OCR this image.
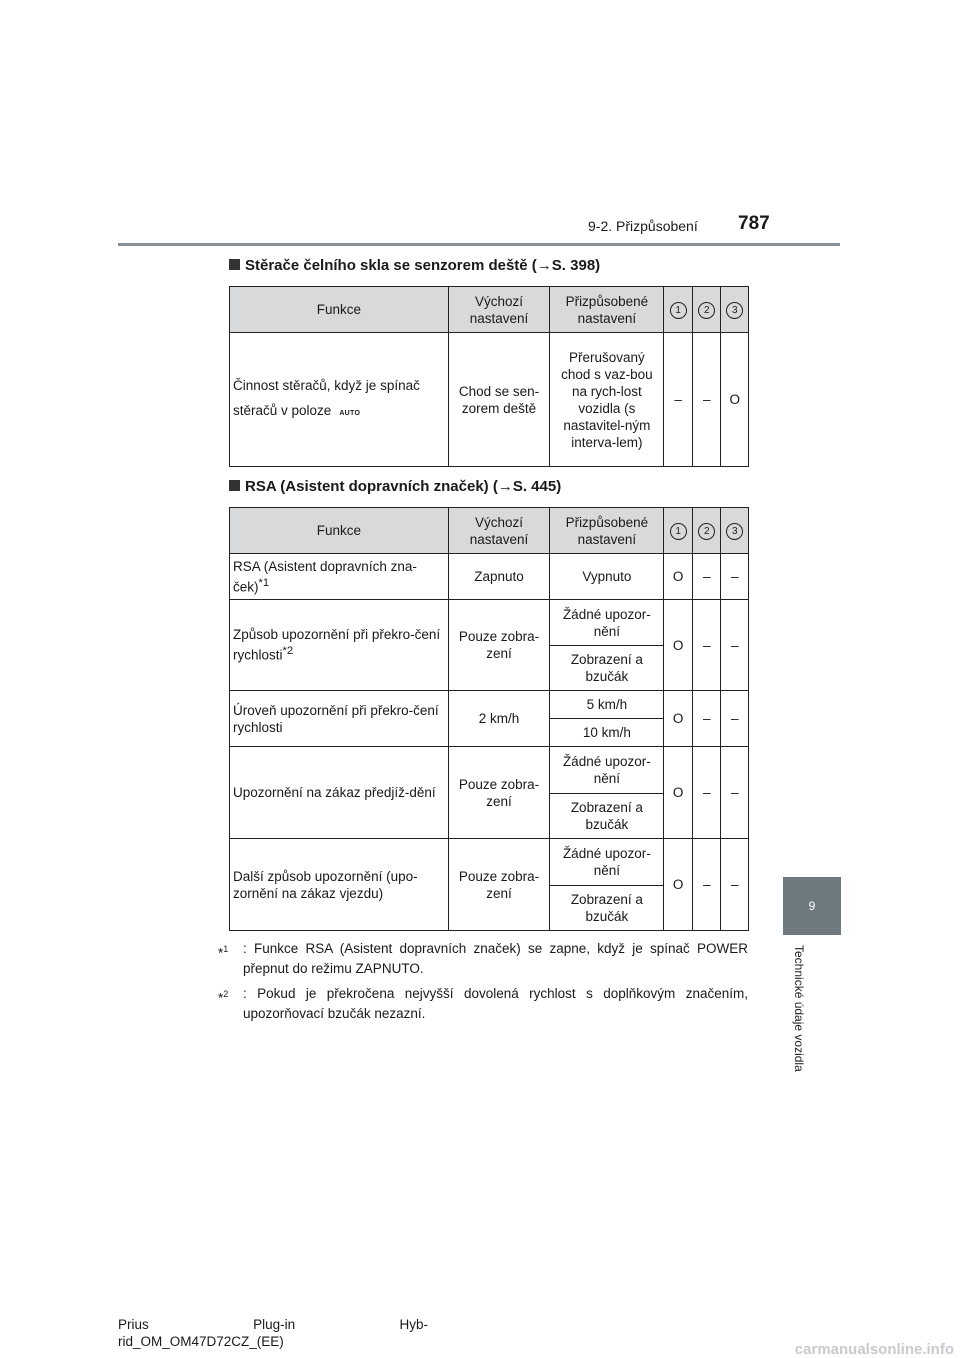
9-2. Přizpůsobení 787
9
Technické údaje vozidla
Stěrače čelního skla se senzorem deště (→S. 398)
Funkce	Výchozí nastavení	Přizpůsobené nastavení	1	2	3

Činnost stěračů, když je spínač
stěračů v poloze AUTO	Chod se sen-zorem deště	Přerušovaný chod s vaz-bou na rych-lost vozidla (s nastavitel-ným interva-lem)	–	–	O
RSA (Asistent dopravních značek) (→S. 445)
Funkce	Výchozí nastavení	Přizpůsobené nastavení	1	2	3
RSA (Asistent dopravních zna-ček)$^{*1}$	Zapnuto	Vypnuto	O	–	–
Způsob upozornění při překro-čení rychlosti$^{*2}$	Pouze zobra-zení	Žádné upozor-nění	O	–	–
		Zobrazení a bzučák			
Úroveň upozornění při překro-čení rychlosti	2 km/h	5 km/h	O	–	–
		10 km/h			
Upozornění na zákaz předjíž-dění	Pouze zobra-zení	Žádné upozor-nění	O	–	–
		Zobrazení a bzučák			
Další způsob upozornění (upo-zornění na zákaz vjezdu)	Pouze zobra-zení	Žádné upozor-nění	O	–	–
		Zobrazení a bzučák			
*$^1$ : Funkce RSA (Asistent dopravních značek) se zapne, když je spínač POWER přepnut do režimu ZAPNUTO.
*$^2$ : Pokud je překročena nejvyšší dovolená rychlost s doplňkovým značením, upozorňovací bzučák nezazní.
Prius	Plug-in	Hyb-
rid_OM_OM47D72CZ_(EE)	carmanualsonline.info
